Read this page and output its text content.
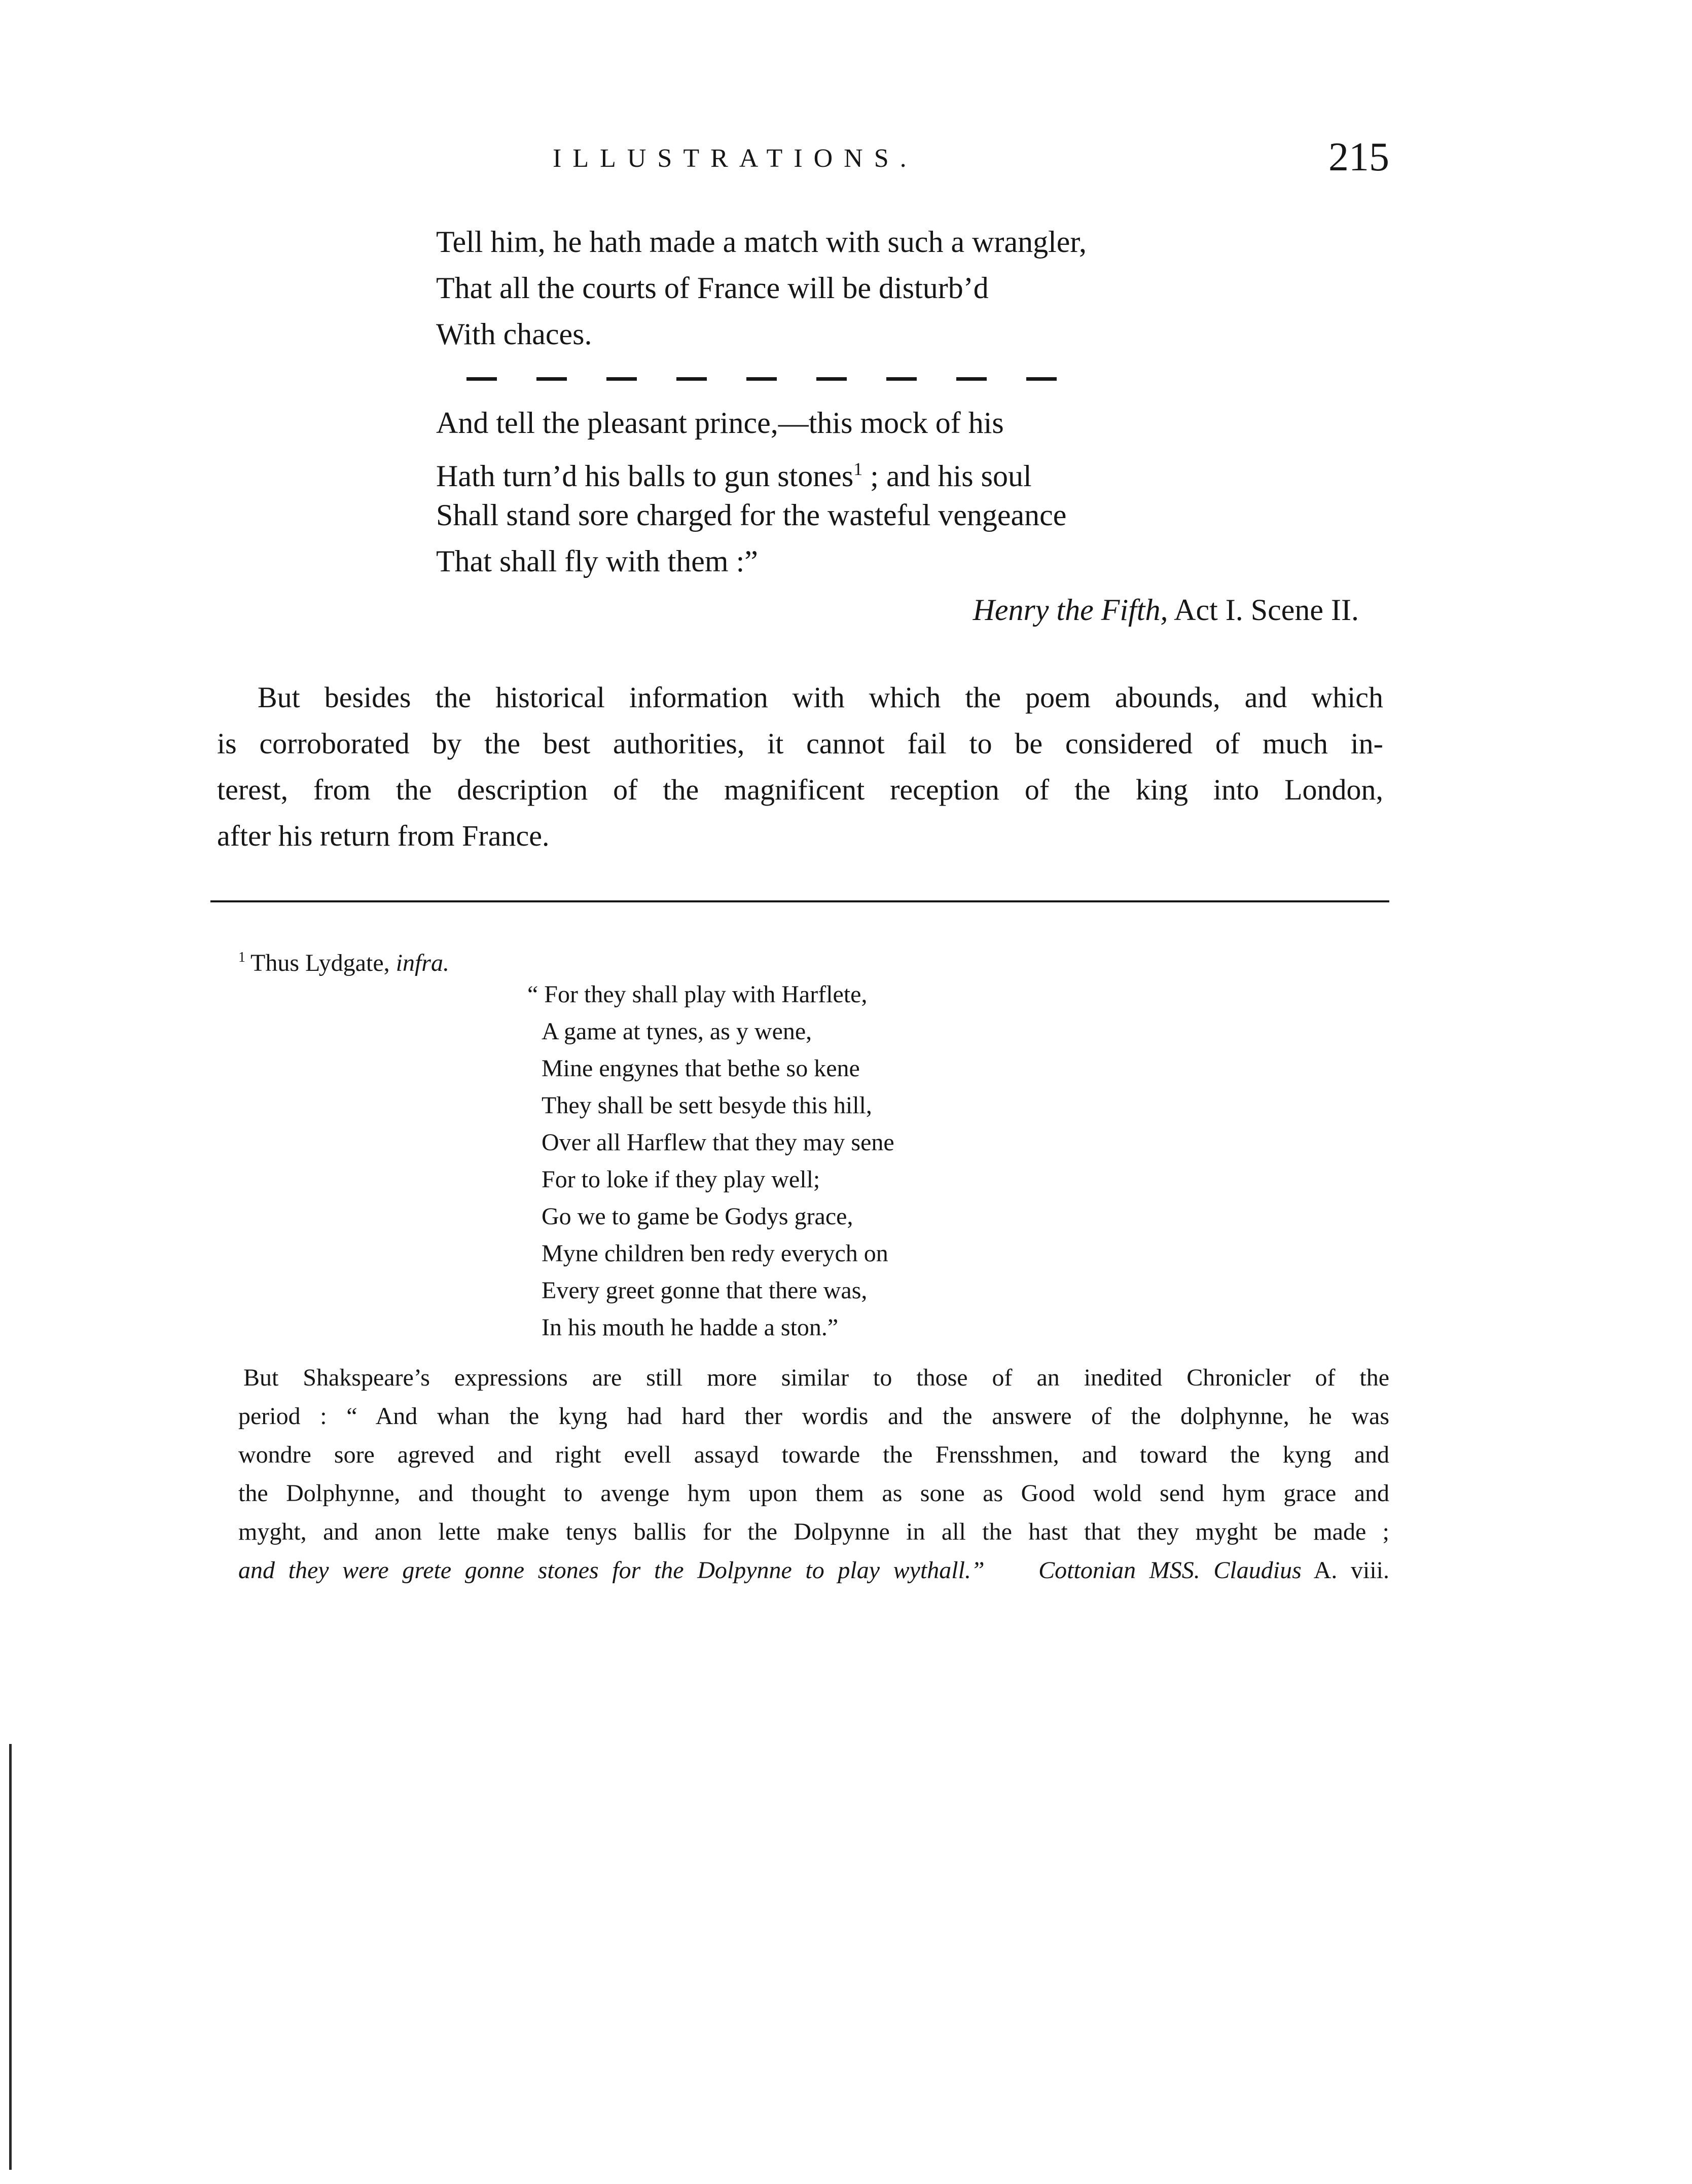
ILLUSTRATIONS.	215
Tell him, he hath made a match with such a wrangler,
That all the courts of France will be disturb’d
With chaces.
And tell the pleasant prince,—this mock of his
Hath turn’d his balls to gun stones$^1$ ; and his soul
Shall stand sore charged for the wasteful vengeance
That shall fly with them :”
Henry the Fifth, Act I. Scene II.
But besides the historical information with which the poem abounds, and which
is corroborated by the best authorities, it cannot fail to be considered of much in-
terest, from the description of the magnificent reception of the king into London,
after his return from France.
$^1$ Thus Lydgate, infra.
“ For they shall play with Harflete,
A game at tynes, as y wene,
Mine engynes that bethe so kene
They shall be sett besyde this hill,
Over all Harflew that they may sene
For to loke if they play well;
Go we to game be Godys grace,
Myne children ben redy everych on
Every greet gonne that there was,
In his mouth he hadde a ston.”
But Shakspeare’s expressions are still more similar to those of an inedited Chronicler of the
period : “ And whan the kyng had hard ther wordis and the answere of the dolphynne, he was
wondre sore agreved and right evell assayd towarde the Frensshmen, and toward the kyng and
the Dolphynne, and thought to avenge hym upon them as sone as Good wold send hym grace and
myght, and anon lette make tenys ballis for the Dolpynne in all the hast that they myght be made ;
and they were grete gonne stones for the Dolpynne to play wythall.” Cottonian MSS. Claudius A. viii.
